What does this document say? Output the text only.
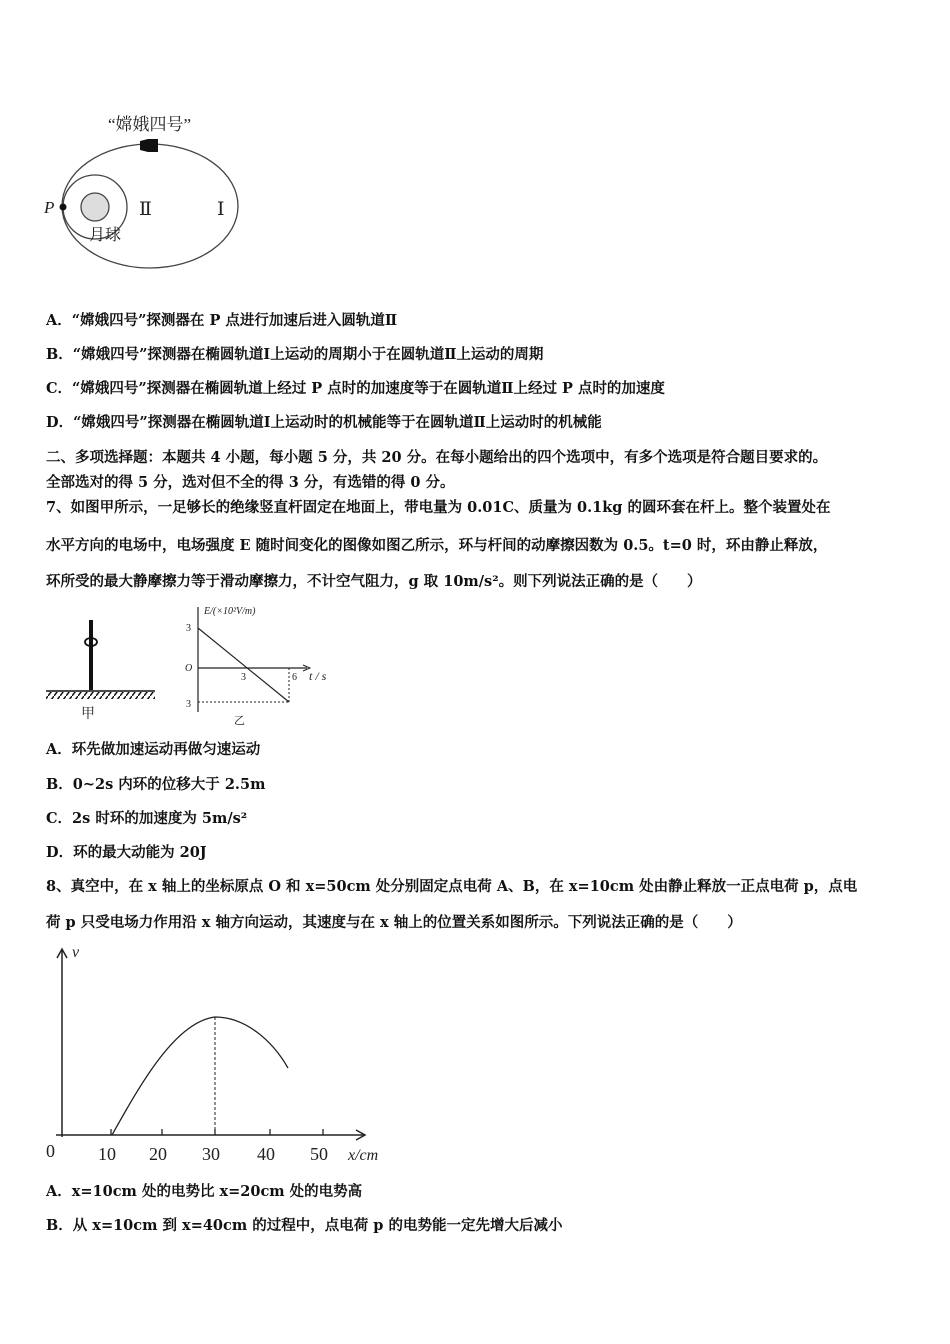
“嫦娥四号”
P
月球
Ⅱ	Ⅰ
A．“嫦娥四号”探测器在 P 点进行加速后进入圆轨道Ⅱ
B．“嫦娥四号”探测器在椭圆轨道Ⅰ上运动的周期小于在圆轨道Ⅱ上运动的周期
C．“嫦娥四号”探测器在椭圆轨道上经过 P 点时的加速度等于在圆轨道Ⅱ上经过 P 点时的加速度
D．“嫦娥四号”探测器在椭圆轨道Ⅰ上运动时的机械能等于在圆轨道Ⅱ上运动时的机械能
二、多项选择题：本题共 4 小题，每小题 5 分，共 20 分。在每小题给出的四个选项中，有多个选项是符合题目要求的。
全部选对的得 5 分，选对但不全的得 3 分，有选错的得 0 分。
7、如图甲所示，一足够长的绝缘竖直杆固定在地面上，带电量为 0.01C、质量为 0.1kg 的圆环套在杆上。整个装置处在
水平方向的电场中，电场强度 E 随时间变化的图像如图乙所示，环与杆间的动摩擦因数为 0.5。t=0 时，环由静止释放，
环所受的最大静摩擦力等于滑动摩擦力，不计空气阻力，g 取 10m/s²。则下列说法正确的是（　　）
甲
E/(×10²V/m)
3
O
3
3	6 t / s
乙
A．环先做加速运动再做匀速运动
B．0~2s 内环的位移大于 2.5m
C．2s 时环的加速度为 5m/s²
D．环的最大动能为 20J
8、真空中，在 x 轴上的坐标原点 O 和 x=50cm 处分别固定点电荷 A、B，在 x=10cm 处由静止释放一正点电荷 p，点电
荷 p 只受电场力作用沿 x 轴方向运动，其速度与在 x 轴上的位置关系如图所示。下列说法正确的是（　　）
v
0 10 20 30 40 50 x/cm
A．x=10cm 处的电势比 x=20cm 处的电势高
B．从 x=10cm 到 x=40cm 的过程中，点电荷 p 的电势能一定先增大后减小
